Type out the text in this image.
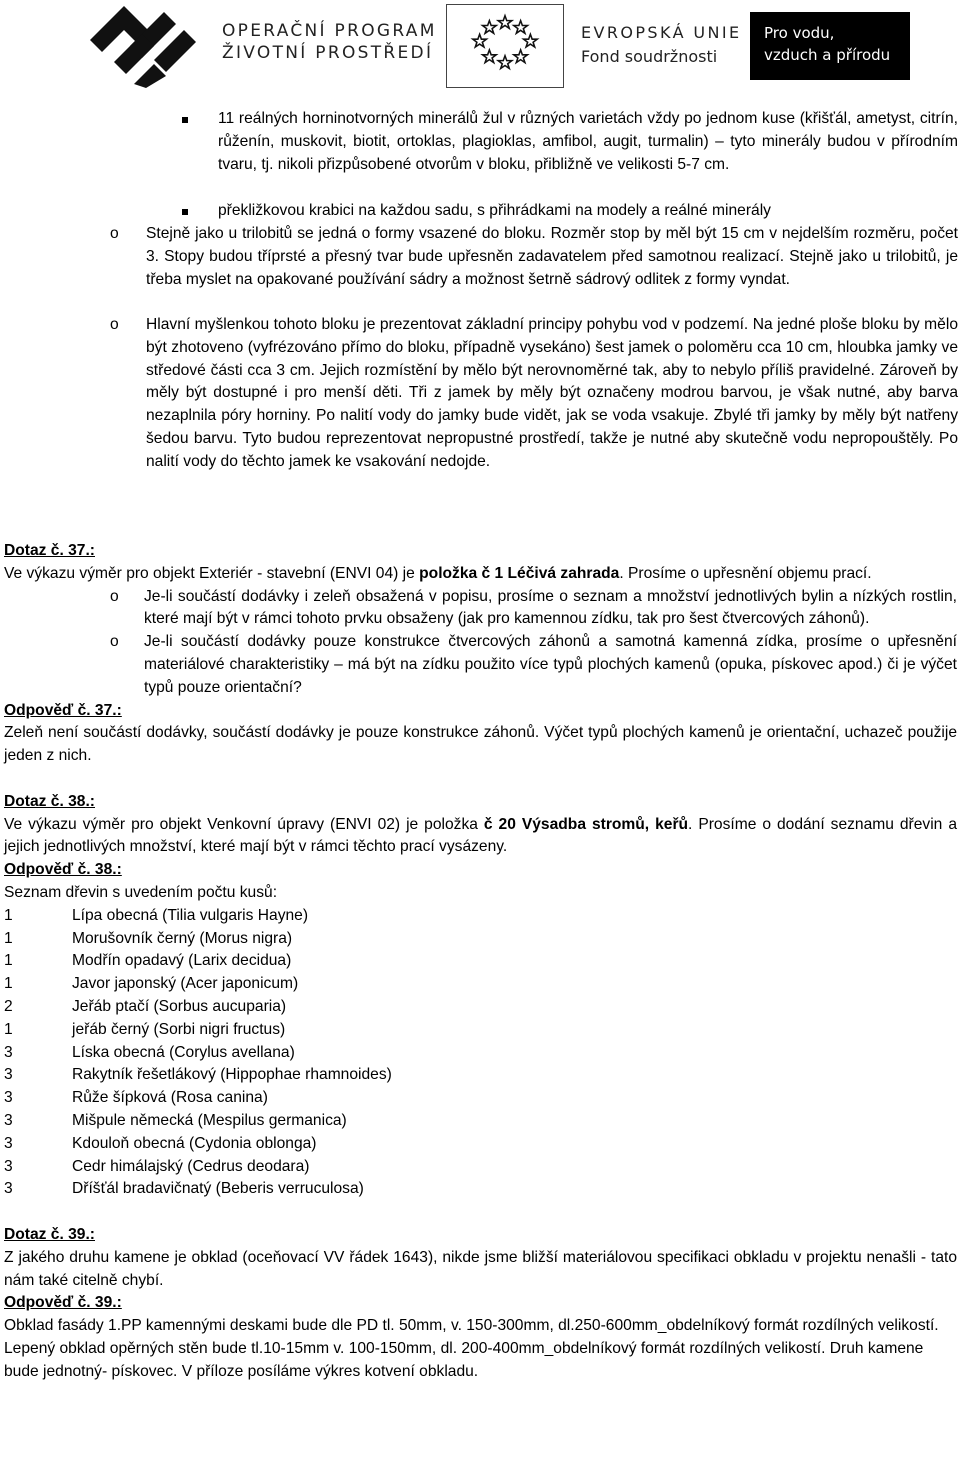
OPERAČNÍ PROGRAM
ŽIVOTNÍ PROSTŘEDÍ
EVROPSKÁ UNIE
Fond soudržnosti
Pro vodu,
vzduch a přírodu
11 reálných horninotvorných minerálů žul v různých varietách vždy po jednom kuse (křišťál, ametyst, citrín, růženín, muskovit, biotit, ortoklas, plagioklas, amfibol, augit, turmalin) – tyto minerály budou v přírodním tvaru, tj. nikoli přizpůsobené otvorům v bloku, přibližně ve velikosti 5-7 cm.
překližkovou krabici na každou sadu, s přihrádkami na modely a reálné minerály
o	Stejně jako u trilobitů se jedná o formy vsazené do bloku. Rozměr stop by měl být 15 cm v nejdelším rozměru, počet 3. Stopy budou tříprsté a přesný tvar bude upřesněn zadavatelem před samotnou realizací. Stejně jako u trilobitů, je třeba myslet na opakované používání sádry a možnost šetrně sádrový odlitek z formy vyndat.
o	Hlavní myšlenkou tohoto bloku je prezentovat základní principy pohybu vod v podzemí. Na jedné ploše bloku by mělo být zhotoveno (vyfrézováno přímo do bloku, případně vysekáno) šest jamek o poloměru cca 10 cm, hloubka jamky ve středové části cca 3 cm. Jejich rozmístění by mělo být nerovnoměrné tak, aby to nebylo příliš pravidelné. Zároveň by měly být dostupné i pro menší děti. Tři z jamek by měly být označeny modrou barvou, je však nutné, aby barva nezaplnila póry horniny. Po nalití vody do jamky bude vidět, jak se voda vsakuje. Zbylé tři jamky by měly být natřeny šedou barvu. Tyto budou reprezentovat nepropustné prostředí, takže je nutné aby skutečně vodu nepropouštěly. Po nalití vody do těchto jamek ke vsakování nedojde.

Dotaz č. 37.:

Ve výkazu výměr pro objekt Exteriér - stavební (ENVI 04) je položka č 1 Léčivá zahrada. Prosíme o upřesnění objemu prací.

o Je-li součástí dodávky i zeleň obsažená v popisu, prosíme o seznam a množství jednotlivých bylin a nízkých rostlin, které mají být v rámci tohoto prvku obsaženy (jak pro kamennou zídku, tak pro šest čtvercových záhonů).
o Je-li součástí dodávky pouze konstrukce čtvercových záhonů a samotná kamenná zídka, prosíme o upřesnění materiálové charakteristiky – má být na zídku použito více typů plochých kamenů (opuka, pískovec apod.) či je výčet typů pouze orientační?

Odpověď č. 37.:

Zeleň není součástí dodávky, součástí dodávky je pouze konstrukce záhonů. Výčet typů plochých kamenů je orientační, uchazeč použije jeden z nich.

Dotaz č. 38.:

Ve výkazu výměr pro objekt Venkovní úpravy (ENVI 02) je položka č 20 Výsadba stromů, keřů. Prosíme o dodání seznamu dřevin a jejich jednotlivých množství, které mají být v rámci těchto prací vysázeny.

Odpověď č. 38.:

Seznam dřevin s uvedením počtu kusů:

1	Lípa obecná (Tilia vulgaris Hayne)
1	Morušovník černý (Morus nigra)
1	Modřín opadavý (Larix decidua)
1	Javor japonský (Acer japonicum)
2	Jeřáb ptačí (Sorbus aucuparia)
1	jeřáb černý (Sorbi nigri fructus)
3	Líska obecná (Corylus avellana)
3	Rakytník řešetlákový (Hippophae rhamnoides)
3	Růže šípková (Rosa canina)
3	Mišpule německá (Mespilus germanica)
3	Kdouloň obecná (Cydonia oblonga)
3	Cedr himálajský (Cedrus deodara)
3	Dříšťál bradavičnatý (Beberis verruculosa)

Dotaz č. 39.:

Z jakého druhu kamene je obklad (oceňovací VV řádek 1643), nikde jsme bližší materiálovou specifikaci obkladu v projektu nenašli - tato nám také citelně chybí.

Odpověď č. 39.:

Obklad fasády 1.PP kamennými deskami bude dle PD tl. 50mm, v. 150-300mm, dl.250-600mm_obdelníkový formát rozdílných velikostí. Lepený obklad opěrných stěn bude tl.10-15mm v. 100-150mm, dl. 200-400mm_obdelníkový formát rozdílných velikostí. Druh kamene bude jednotný- pískovec. V příloze posíláme výkres kotvení obkladu.
